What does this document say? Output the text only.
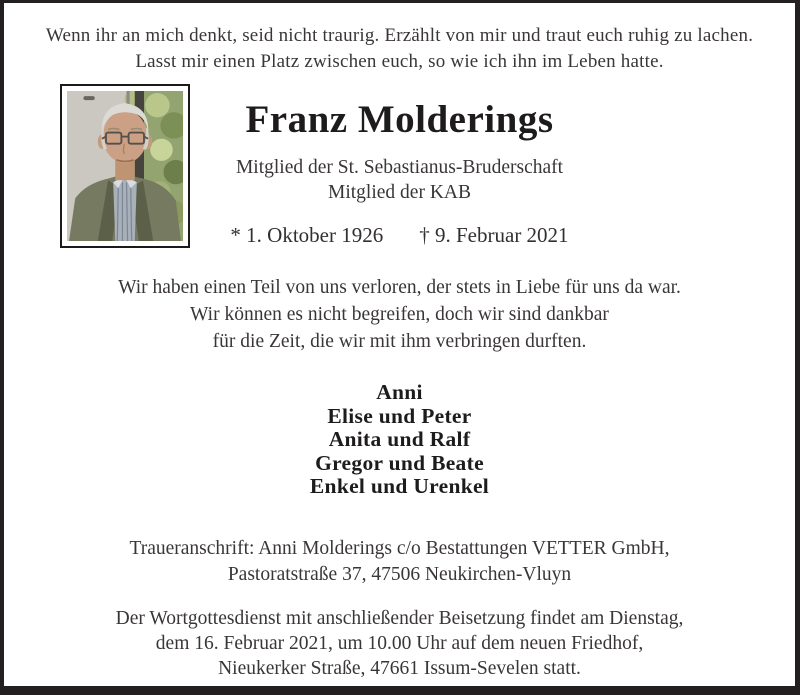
Wenn ihr an mich denkt, seid nicht traurig. Erzählt von mir und traut euch ruhig zu lachen.
Lasst mir einen Platz zwischen euch, so wie ich ihn im Leben hatte.
Franz Molderings
Mitglied der St. Sebastianus-Bruderschaft
Mitglied der KAB
* 1. Oktober 1926 † 9. Februar 2021
Wir haben einen Teil von uns verloren, der stets in Liebe für uns da war.
Wir können es nicht begreifen, doch wir sind dankbar
für die Zeit, die wir mit ihm verbringen durften.
Anni
Elise und Peter
Anita und Ralf
Gregor und Beate
Enkel und Urenkel
Traueranschrift: Anni Molderings c/o Bestattungen VETTER GmbH,
Pastoratstraße 37, 47506 Neukirchen-Vluyn
Der Wortgottesdienst mit anschließender Beisetzung findet am Dienstag,
dem 16. Februar 2021, um 10.00 Uhr auf dem neuen Friedhof,
Nieukerker Straße, 47661 Issum-Sevelen statt.
